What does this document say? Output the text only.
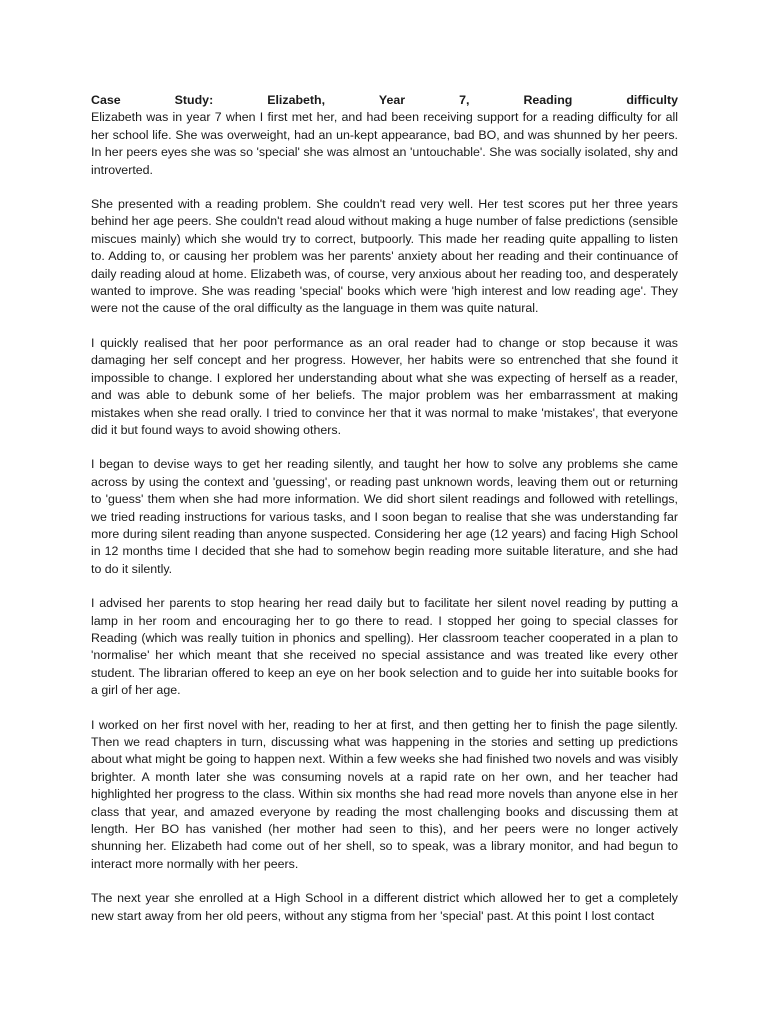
Case Study: Elizabeth, Year 7, Reading difficulty

Elizabeth was in year 7 when I first met her, and had been receiving support for a reading difficulty for all her school life. She was overweight, had an un-kept appearance, bad BO, and was shunned by her peers. In her peers eyes she was so 'special' she was almost an 'untouchable'. She was socially isolated, shy and introverted.

She presented with a reading problem. She couldn't read very well. Her test scores put her three years behind her age peers. She couldn't read aloud without making a huge number of false predictions (sensible miscues mainly) which she would try to correct, butpoorly. This made her reading quite appalling to listen to. Adding to, or causing her problem was her parents' anxiety about her reading and their continuance of daily reading aloud at home. Elizabeth was, of course, very anxious about her reading too, and desperately wanted to improve. She was reading 'special' books which were 'high interest and low reading age'. They were not the cause of the oral difficulty as the language in them was quite natural.

I quickly realised that her poor performance as an oral reader had to change or stop because it was damaging her self concept and her progress. However, her habits were so entrenched that she found it impossible to change. I explored her understanding about what she was expecting of herself as a reader, and was able to debunk some of her beliefs. The major problem was her embarrassment at making mistakes when she read orally. I tried to convince her that it was normal to make 'mistakes', that everyone did it but found ways to avoid showing others.

I began to devise ways to get her reading silently, and taught her how to solve any problems she came across by using the context and 'guessing', or reading past unknown words, leaving them out or returning to 'guess' them when she had more information. We did short silent readings and followed with retellings, we tried reading instructions for various tasks, and I soon began to realise that she was understanding far more during silent reading than anyone suspected. Considering her age (12 years) and facing High School in 12 months time I decided that she had to somehow begin reading more suitable literature, and she had to do it silently.

I advised her parents to stop hearing her read daily but to facilitate her silent novel reading by putting a lamp in her room and encouraging her to go there to read. I stopped her going to special classes for Reading (which was really tuition in phonics and spelling). Her classroom teacher cooperated in a plan to 'normalise' her which meant that she received no special assistance and was treated like every other student. The librarian offered to keep an eye on her book selection and to guide her into suitable books for a girl of her age.

I worked on her first novel with her, reading to her at first, and then getting her to finish the page silently. Then we read chapters in turn, discussing what was happening in the stories and setting up predictions about what might be going to happen next. Within a few weeks she had finished two novels and was visibly brighter. A month later she was consuming novels at a rapid rate on her own, and her teacher had highlighted her progress to the class. Within six months she had read more novels than anyone else in her class that year, and amazed everyone by reading the most challenging books and discussing them at length. Her BO has vanished (her mother had seen to this), and her peers were no longer actively shunning her. Elizabeth had come out of her shell, so to speak, was a library monitor, and had begun to interact more normally with her peers.

The next year she enrolled at a High School in a different district which allowed her to get a completely new start away from her old peers, without any stigma from her 'special' past. At this point I lost contact
